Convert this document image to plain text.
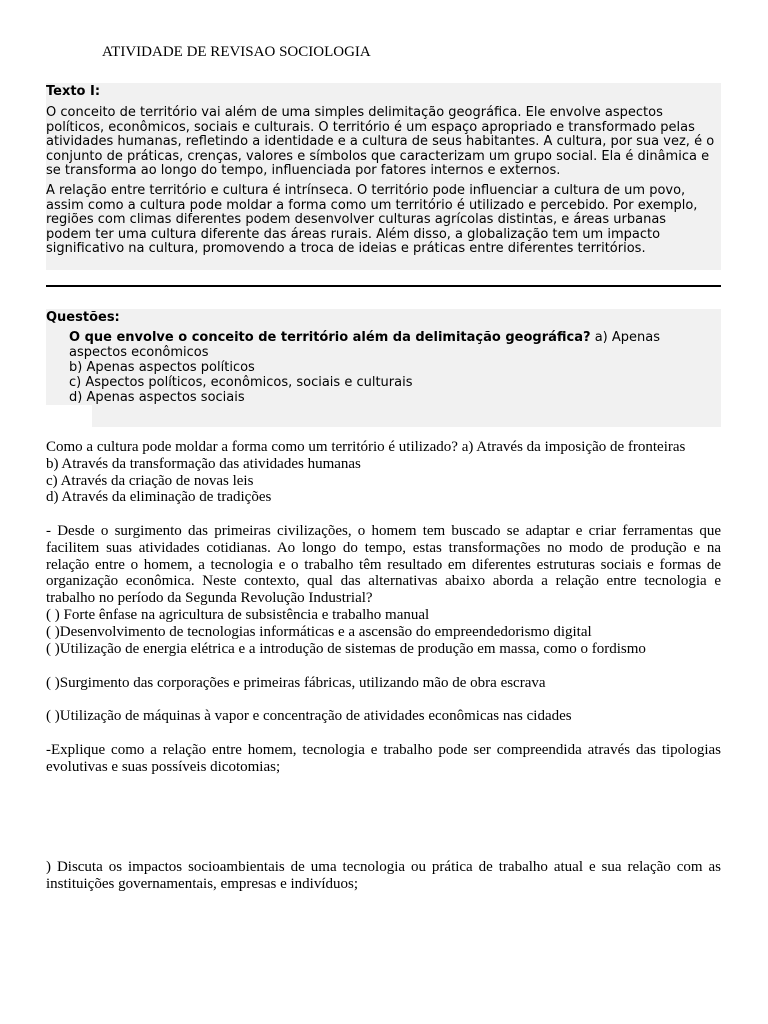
ATIVIDADE DE REVISAO SOCIOLOGIA
Texto I:

O conceito de território vai além de uma simples delimitação geográfica. Ele envolve aspectos políticos, econômicos, sociais e culturais. O território é um espaço apropriado e transformado pelas atividades humanas, refletindo a identidade e a cultura de seus habitantes. A cultura, por sua vez, é o conjunto de práticas, crenças, valores e símbolos que caracterizam um grupo social. Ela é dinâmica e se transforma ao longo do tempo, influenciada por fatores internos e externos.

A relação entre território e cultura é intrínseca. O território pode influenciar a cultura de um povo, assim como a cultura pode moldar a forma como um território é utilizado e percebido. Por exemplo, regiões com climas diferentes podem desenvolver culturas agrícolas distintas, e áreas urbanas podem ter uma cultura diferente das áreas rurais. Além disso, a globalização tem um impacto significativo na cultura, promovendo a troca de ideias e práticas entre diferentes territórios.

Questões:
O que envolve o conceito de território além da delimitação geográfica? a) Apenas aspectos econômicos
b) Apenas aspectos políticos
c) Aspectos políticos, econômicos, sociais e culturais
d) Apenas aspectos sociais
Como a cultura pode moldar a forma como um território é utilizado? a) Através da imposição de fronteiras
b) Através da transformação das atividades humanas
c) Através da criação de novas leis
d) Através da eliminação de tradições
- Desde o surgimento das primeiras civilizações, o homem tem buscado se adaptar e criar ferramentas que facilitem suas atividades cotidianas. Ao longo do tempo, estas transformações no modo de produção e na relação entre o homem, a tecnologia e o trabalho têm resultado em diferentes estruturas sociais e formas de organização econômica. Neste contexto, qual das alternativas abaixo aborda a relação entre tecnologia e trabalho no período da Segunda Revolução Industrial?
( ) Forte ênfase na agricultura de subsistência e trabalho manual
( )Desenvolvimento de tecnologias informáticas e a ascensão do empreendedorismo digital
( )Utilização de energia elétrica e a introdução de sistemas de produção em massa, como o fordismo
( )Surgimento das corporações e primeiras fábricas, utilizando mão de obra escrava
( )Utilização de máquinas à vapor e concentração de atividades econômicas nas cidades
-Explique como a relação entre homem, tecnologia e trabalho pode ser compreendida através das tipologias evolutivas e suas possíveis dicotomias;
) Discuta os impactos socioambientais de uma tecnologia ou prática de trabalho atual e sua relação com as instituições governamentais, empresas e indivíduos;
